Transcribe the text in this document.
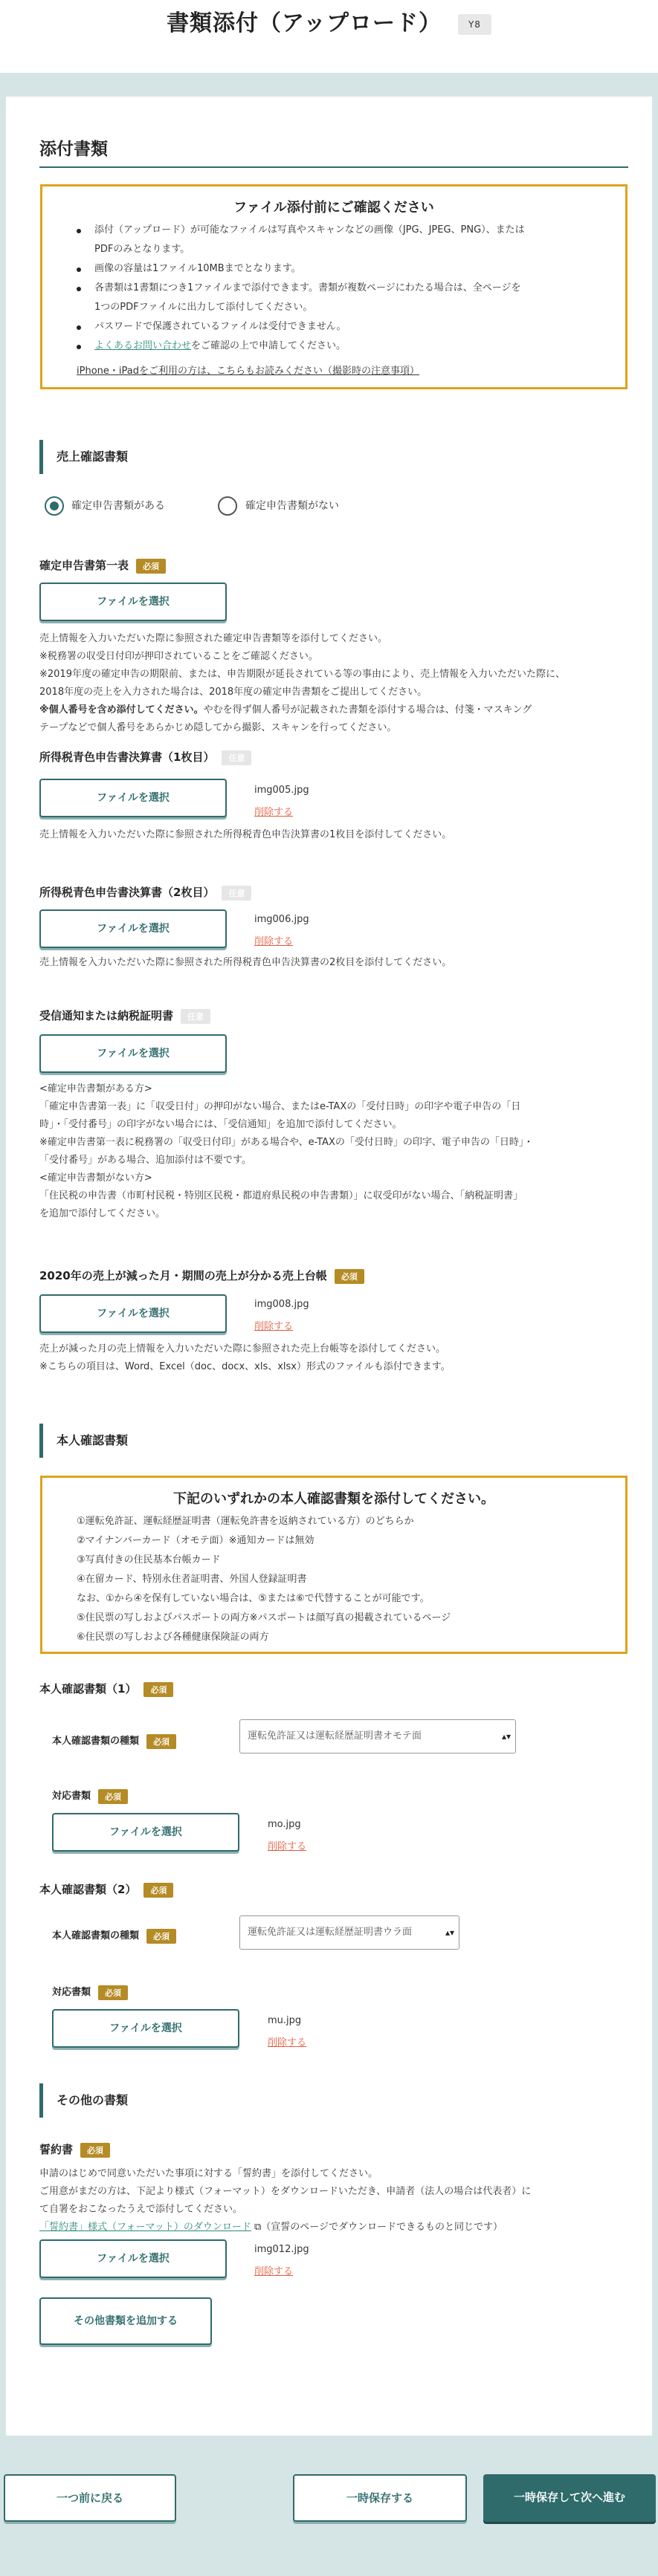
書類添付（アップロード）	Y8
添付書類
ファイル添付前にご確認ください
添付（アップロード）が可能なファイルは写真やスキャンなどの画像（JPG、JPEG、PNG）、または
PDFのみとなります。
画像の容量は1ファイル10MBまでとなります。
各書類は1書類につき1ファイルまで添付できます。書類が複数ページにわたる場合は、全ページを
1つのPDFファイルに出力して添付してください。
パスワードで保護されているファイルは受付できません。
よくあるお問い合わせをご確認の上で申請してください。
iPhone・iPadをご利用の方は、こちらもお読みください（撮影時の注意事項）
売上確認書類
確定申告書類がある	確定申告書類がない
確定申告書第一表 必須
ファイルを選択
売上情報を入力いただいた際に参照された確定申告書類等を添付してください。
※税務署の収受日付印が押印されていることをご確認ください。
※2019年度の確定申告の期限前、または、申告期限が延長されている等の事由により、売上情報を入力いただいた際に、
2018年度の売上を入力された場合は、2018年度の確定申告書類をご提出してください。
※個人番号を含め添付してください。やむを得ず個人番号が記載された書類を添付する場合は、付箋・マスキング
テープなどで個人番号をあらかじめ隠してから撮影、スキャンを行ってください。
所得税青色申告書決算書（1枚目） 任意
ファイルを選択
img005.jpg
削除する
売上情報を入力いただいた際に参照された所得税青色申告決算書の1枚目を添付してください。
所得税青色申告書決算書（2枚目） 任意
ファイルを選択
img006.jpg
削除する
売上情報を入力いただいた際に参照された所得税青色申告決算書の2枚目を添付してください。
受信通知または納税証明書 任意
ファイルを選択
<確定申告書類がある方>
「確定申告書第一表」に「収受日付」の押印がない場合、またはe-TAXの「受付日時」の印字や電子申告の「日
時」・「受付番号」の印字がない場合には、「受信通知」を追加で添付してください。
※確定申告書第一表に税務署の「収受日付印」がある場合や、e-TAXの「受付日時」の印字、電子申告の「日時」・
「受付番号」がある場合、追加添付は不要です。
<確定申告書類がない方>
「住民税の申告書（市町村民税・特別区民税・都道府県民税の申告書類）」に収受印がない場合、「納税証明書」
を追加で添付してください。
2020年の売上が減った月・期間の売上が分かる売上台帳 必須
ファイルを選択
img008.jpg
削除する
売上が減った月の売上情報を入力いただいた際に参照された売上台帳等を添付してください。
※こちらの項目は、Word、Excel（doc、docx、xls、xlsx）形式のファイルも添付できます。
本人確認書類
下記のいずれかの本人確認書類を添付してください。
①運転免許証、運転経歴証明書（運転免許書を返納されている方）のどちらか
②マイナンバーカード（オモテ面）※通知カードは無効
③写真付きの住民基本台帳カード
④在留カード、特別永住者証明書、外国人登録証明書
なお、①から④を保有していない場合は、⑤または⑥で代替することが可能です。
⑤住民票の写しおよびパスポートの両方※パスポートは顔写真の掲載されているページ
⑥住民票の写しおよび各種健康保険証の両方
本人確認書類（1） 必須
本人確認書類の種類 必須	運転免許証又は運転経歴証明書オモテ面	▴▾
対応書類 必須
ファイルを選択
mo.jpg
削除する
本人確認書類（2） 必須
本人確認書類の種類 必須	運転免許証又は運転経歴証明書ウラ面	▴▾
対応書類 必須
ファイルを選択
mu.jpg
削除する
その他の書類
誓約書 必須
申請のはじめで同意いただいた事項に対する「誓約書」を添付してください。
ご用意がまだの方は、下記より様式（フォーマット）をダウンロードいただき、申請者（法人の場合は代表者）に
て自署をおこなったうえで添付してください。
「誓約書」様式（フォーマット）のダウンロード ⧉（宣誓のページでダウンロードできるものと同じです）
ファイルを選択
img012.jpg
削除する
その他書類を追加する
一つ前に戻る	一時保存する	一時保存して次へ進む
